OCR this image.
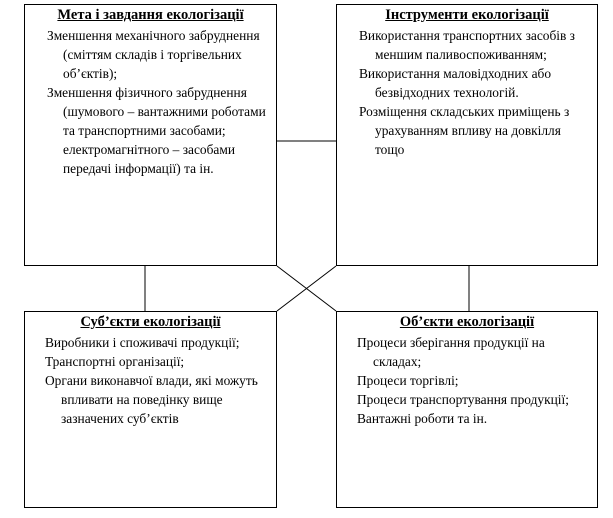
Мета і завдання екологізації
Зменшення механічного забруднення (сміттям складів і торгівельних об’єктів);
Зменшення фізичного забруднення (шумового – вантажними роботами та транспортними засобами; електромагнітного – засобами передачі інформації) та ін.
Інструменти екологізації
Використання транспортних засобів з меншим паливоспоживанням;
Використання маловідходних або безвідходних технологій.
Розміщення складських приміщень з урахуванням впливу на довкілля тощо
Суб’єкти екологізації
Виробники і споживачі продукції;
Транспортні організації;
Органи виконавчої влади, які можуть впливати на поведінку вище зазначених суб’єктів
Об’єкти екологізації
Процеси зберігання продукції на складах;
Процеси торгівлі;
Процеси транспортування продукції;
Вантажні роботи та ін.
